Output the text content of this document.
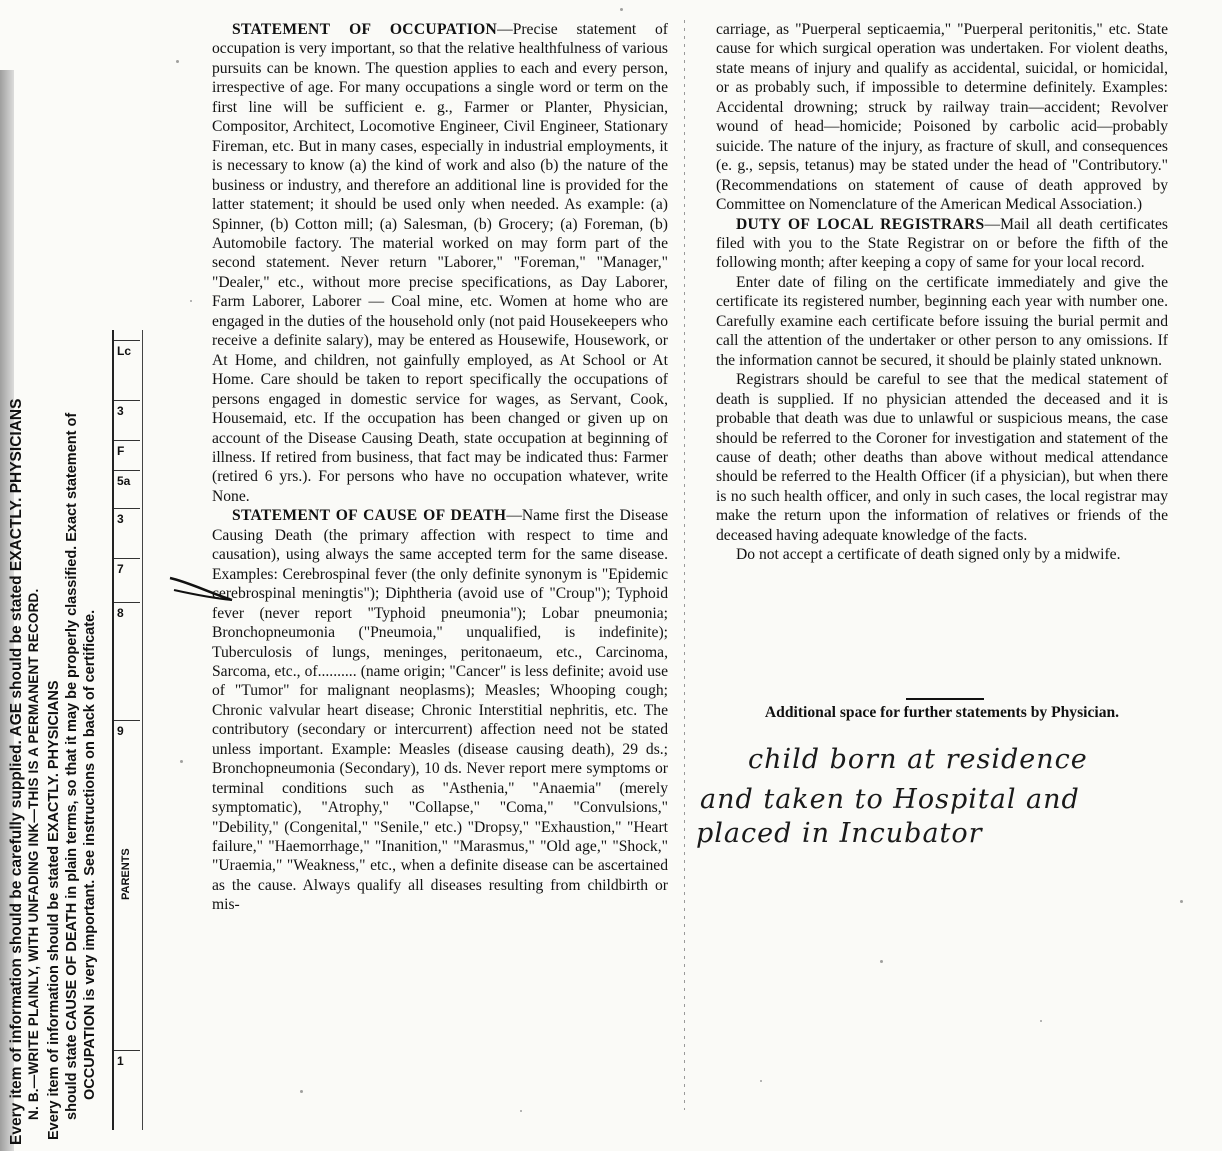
Every item of information should be carefully supplied. AGE should be stated EXACTLY. PHYSICIANS N. B.—WRITE PLAINLY, WITH UNFADING INK—THIS IS A PERMANENT RECORD. Every item of information should be stated EXACTLY. PHYSICIANS should state CAUSE OF DEATH in plain terms, so that it may be properly classified. Exact statement of OCCUPATION is very important. See instructions on back of certificate.
Lc
3
F
5a
3
7
8
9
1
PARENTS

STATEMENT OF OCCUPATION—Precise statement of occupation is very important, so that the relative healthfulness of various pursuits can be known. The question applies to each and every person, irrespective of age. For many occupations a single word or term on the first line will be sufficient e. g., Farmer or Planter, Physician, Compositor, Architect, Locomotive Engineer, Civil Engineer, Stationary Fireman, etc. But in many cases, especially in industrial employments, it is necessary to know (a) the kind of work and also (b) the nature of the business or industry, and therefore an additional line is provided for the latter statement; it should be used only when needed. As example: (a) Spinner, (b) Cotton mill; (a) Salesman, (b) Grocery; (a) Foreman, (b) Automobile factory. The material worked on may form part of the second statement. Never return "Laborer," "Foreman," "Manager," "Dealer," etc., without more precise specifications, as Day Laborer, Farm Laborer, Laborer — Coal mine, etc. Women at home who are engaged in the duties of the household only (not paid Housekeepers who receive a definite salary), may be entered as Housewife, Housework, or At Home, and children, not gainfully employed, as At School or At Home. Care should be taken to report specifically the occupations of persons engaged in domestic service for wages, as Servant, Cook, Housemaid, etc. If the occupation has been changed or given up on account of the Disease Causing Death, state occupation at beginning of illness. If retired from business, that fact may be indicated thus: Farmer (retired 6 yrs.). For persons who have no occupation whatever, write None.

STATEMENT OF CAUSE OF DEATH—Name first the Disease Causing Death (the primary affection with respect to time and causation), using always the same accepted term for the same disease. Examples: Cerebrospinal fever (the only definite synonym is "Epidemic cerebrospinal meningtis"); Diphtheria (avoid use of "Croup"); Typhoid fever (never report "Typhoid pneumonia"); Lobar pneumonia; Bronchopneumonia ("Pneumoia," unqualified, is indefinite); Tuberculosis of lungs, meninges, peritonaeum, etc., Carcinoma, Sarcoma, etc., of.......... (name origin; "Cancer" is less definite; avoid use of "Tumor" for malignant neoplasms); Measles; Whooping cough; Chronic valvular heart disease; Chronic Interstitial nephritis, etc. The contributory (secondary or intercurrent) affection need not be stated unless important. Example: Measles (disease causing death), 29 ds.; Bronchopneumonia (Secondary), 10 ds. Never report mere symptoms or terminal conditions such as "Asthenia," "Anaemia" (merely symptomatic), "Atrophy," "Collapse," "Coma," "Convulsions," "Debility," (Congenital," "Senile," etc.) "Dropsy," "Exhaustion," "Heart failure," "Haemorrhage," "Inanition," "Marasmus," "Old age," "Shock," "Uraemia," "Weakness," etc., when a definite disease can be ascertained as the cause. Always qualify all diseases resulting from childbirth or mis-

carriage, as "Puerperal septicaemia," "Puerperal peritonitis," etc. State cause for which surgical operation was undertaken. For violent deaths, state means of injury and qualify as accidental, suicidal, or homicidal, or as probably such, if impossible to determine definitely. Examples: Accidental drowning; struck by railway train—accident; Revolver wound of head—homicide; Poisoned by carbolic acid—probably suicide. The nature of the injury, as fracture of skull, and consequences (e. g., sepsis, tetanus) may be stated under the head of "Contributory." (Recommendations on statement of cause of death approved by Committee on Nomenclature of the American Medical Association.)

DUTY OF LOCAL REGISTRARS—Mail all death certificates filed with you to the State Registrar on or before the fifth of the following month; after keeping a copy of same for your local record.

Enter date of filing on the certificate immediately and give the certificate its registered number, beginning each year with number one. Carefully examine each certificate before issuing the burial permit and call the attention of the undertaker or other person to any omissions. If the information cannot be secured, it should be plainly stated unknown.

Registrars should be careful to see that the medical statement of death is supplied. If no physician attended the deceased and it is probable that death was due to unlawful or suspicious means, the case should be referred to the Coroner for investigation and statement of the cause of death; other deaths than above without medical attendance should be referred to the Health Officer (if a physician), but when there is no such health officer, and only in such cases, the local registrar may make the return upon the information of relatives or friends of the deceased having adequate knowledge of the facts.

Do not accept a certificate of death signed only by a midwife.

Additional space for further statements by Physician.
child born at residence
and taken to Hospital and
placed in Incubator
